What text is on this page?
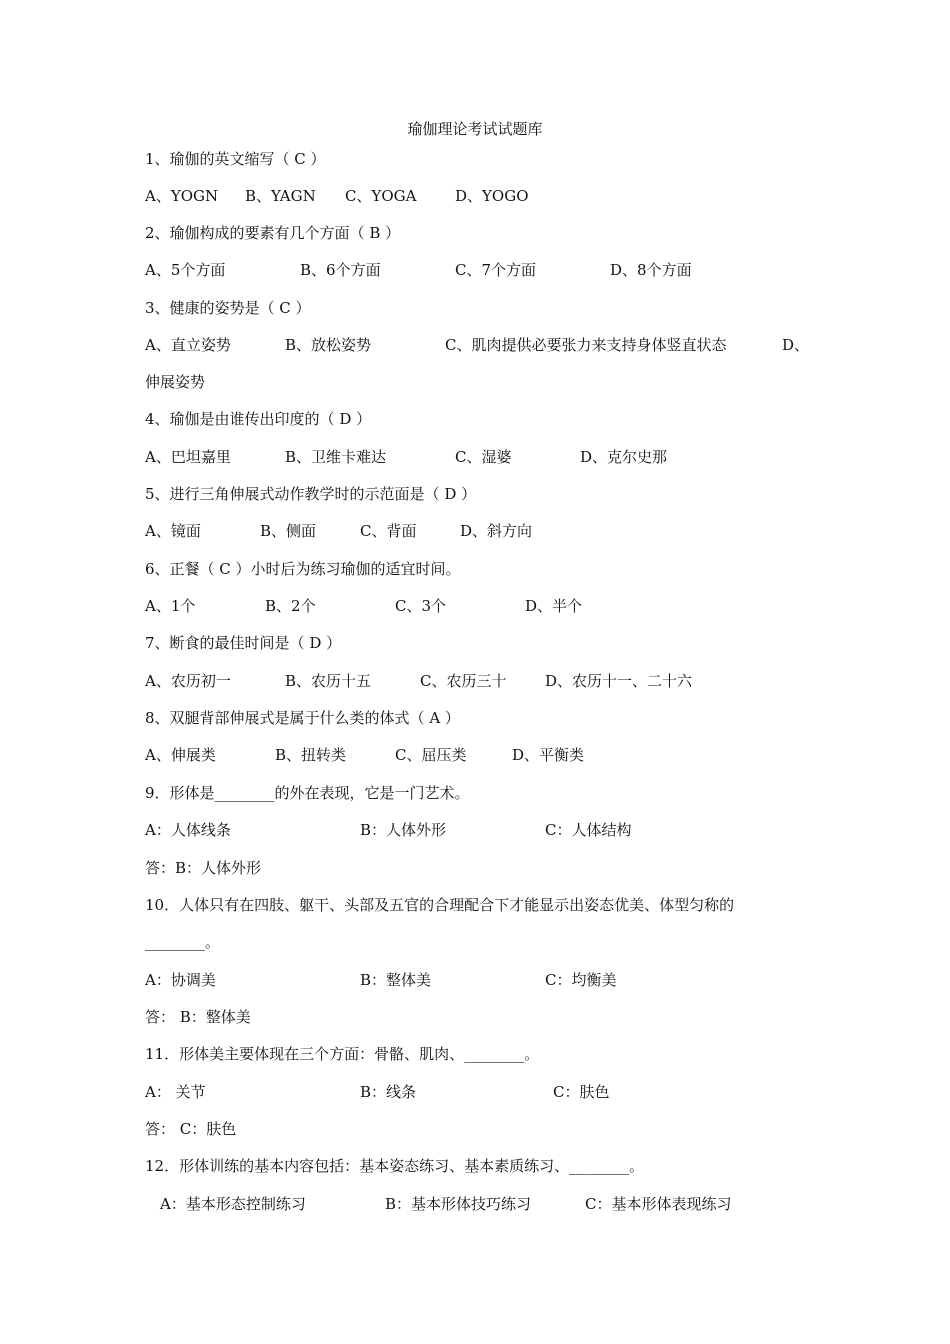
瑜伽理论考试试题库
1、瑜伽的英文缩写（ C ）
A、YOGN B、YAGN C、YOGA	D、YOGO
2、瑜伽构成的要素有几个方面（ B ）
A、5个方面	B、6个方面	C、7个方面	D、8个方面
3、健康的姿势是（ C ）
A、直立姿势	B、放松姿势	C、肌肉提供必要张力来支持身体竖直状态	D、
伸展姿势
4、瑜伽是由谁传出印度的（ D ）
A、巴坦嘉里	B、卫维卡难达	C、湿婆	D、克尔史那
5、进行三角伸展式动作教学时的示范面是（ D ）
A、镜面	B、侧面	C、背面	D、斜方向
6、正餐（ C ）小时后为练习瑜伽的适宜时间。
A、1个	B、2个	C、3个	D、半个
7、断食的最佳时间是（ D ）
A、农历初一	B、农历十五	C、农历三十	D、农历十一、二十六
8、双腿背部伸展式是属于什么类的体式（ A ）
A、伸展类	B、扭转类	C、屈压类	D、平衡类
9．形体是________的外在表现，它是一门艺术。
A：人体线条	B：人体外形	C：人体结构
答：B：人体外形
10．人体只有在四肢、躯干、头部及五官的合理配合下才能显示出姿态优美、体型匀称的
________。
A：协调美	B：整体美	C：均衡美
答： B：整体美
11．形体美主要体现在三个方面：骨骼、肌肉、________。
A： 关节	B：线条	C：肤色
答： C：肤色
12．形体训练的基本内容包括：基本姿态练习、基本素质练习、________。
A：基本形态控制练习	B：基本形体技巧练习	C：基本形体表现练习
